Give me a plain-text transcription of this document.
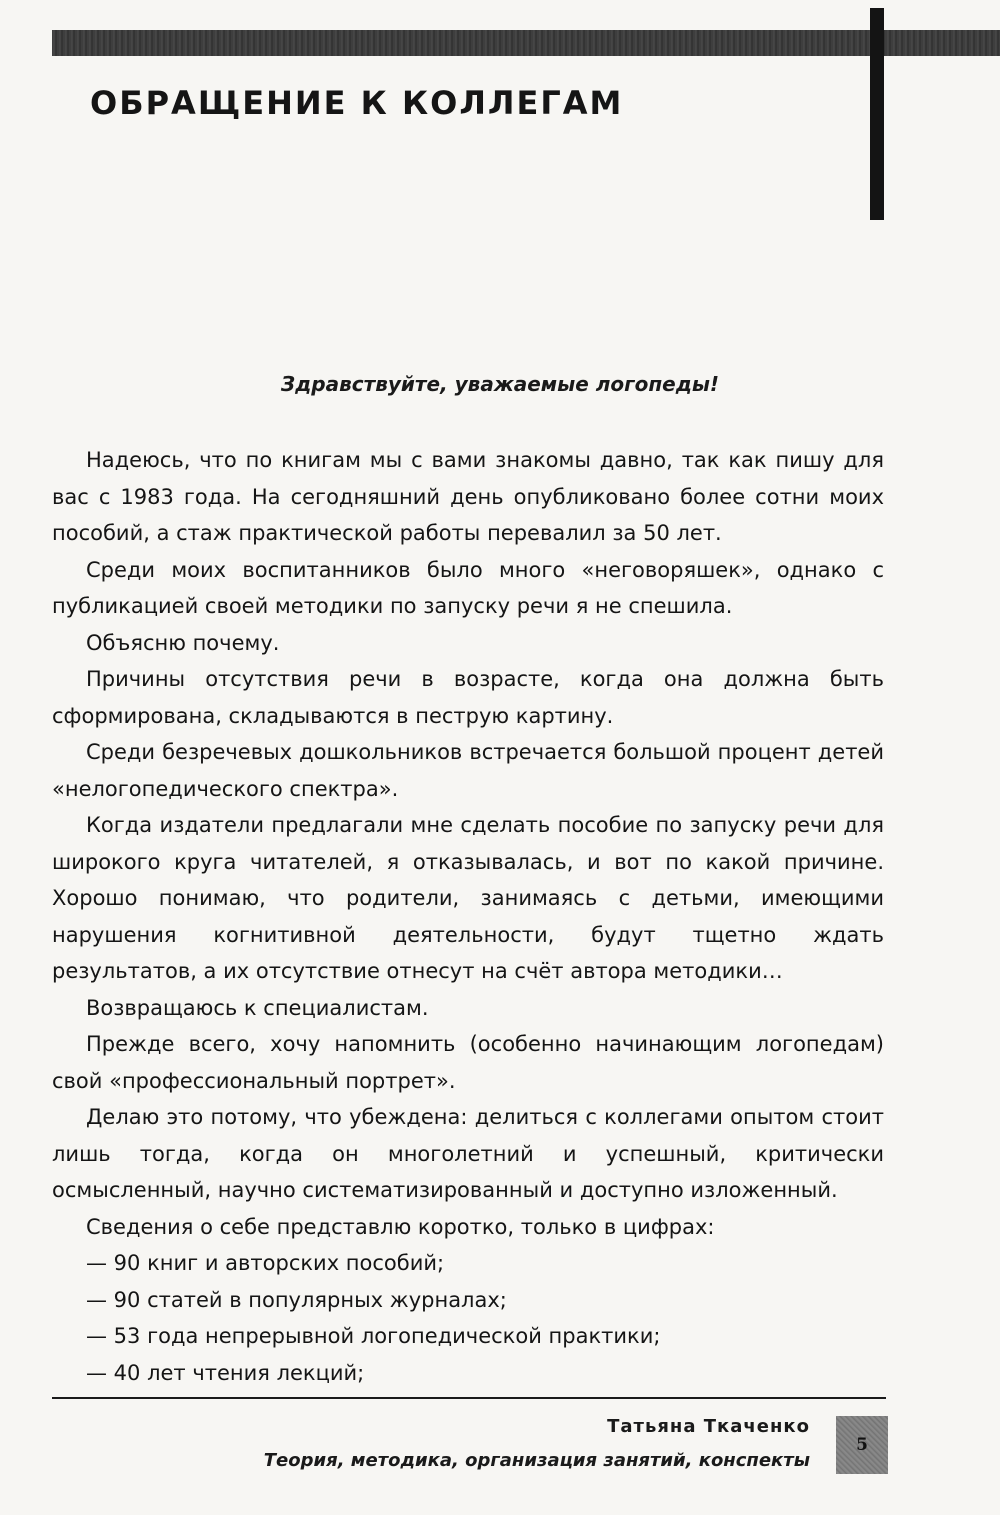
ОБРАЩЕНИЕ К КОЛЛЕГАМ
Здравствуйте, уважаемые логопеды!

Надеюсь, что по книгам мы с вами знакомы давно, так как пишу для вас с 1983 года. На сегодняшний день опубликовано более сотни моих пособий, а стаж практической работы перевалил за 50 лет.

Среди моих воспитанников было много «неговоряшек», однако с публикацией своей методики по запуску речи я не спешила.

Объясню почему.

Причины отсутствия речи в возрасте, когда она должна быть сформирована, складываются в пеструю картину.

Среди безречевых дошкольников встречается большой процент детей «нелогопедического спектра».

Когда издатели предлагали мне сделать пособие по запуску речи для широкого круга читателей, я отказывалась, и вот по какой причине. Хорошо понимаю, что родители, занимаясь с детьми, имеющими нарушения когнитивной деятельности, будут тщетно ждать результатов, а их отсутствие отнесут на счёт автора методики…

Возвращаюсь к специалистам.

Прежде всего, хочу напомнить (особенно начинающим логопедам) свой «профессиональный портрет».

Делаю это потому, что убеждена: делиться с коллегами опытом стоит лишь тогда, когда он многолетний и успешный, критически осмысленный, научно систематизированный и доступно изложенный.

Сведения о себе представлю коротко, только в цифрах:

— 90 книг и авторских пособий;
— 90 статей в популярных журналах;
— 53 года непрерывной логопедической практики;
— 40 лет чтения лекций;
Татьяна Ткаченко
Теория, методика, организация занятий, конспекты
5
